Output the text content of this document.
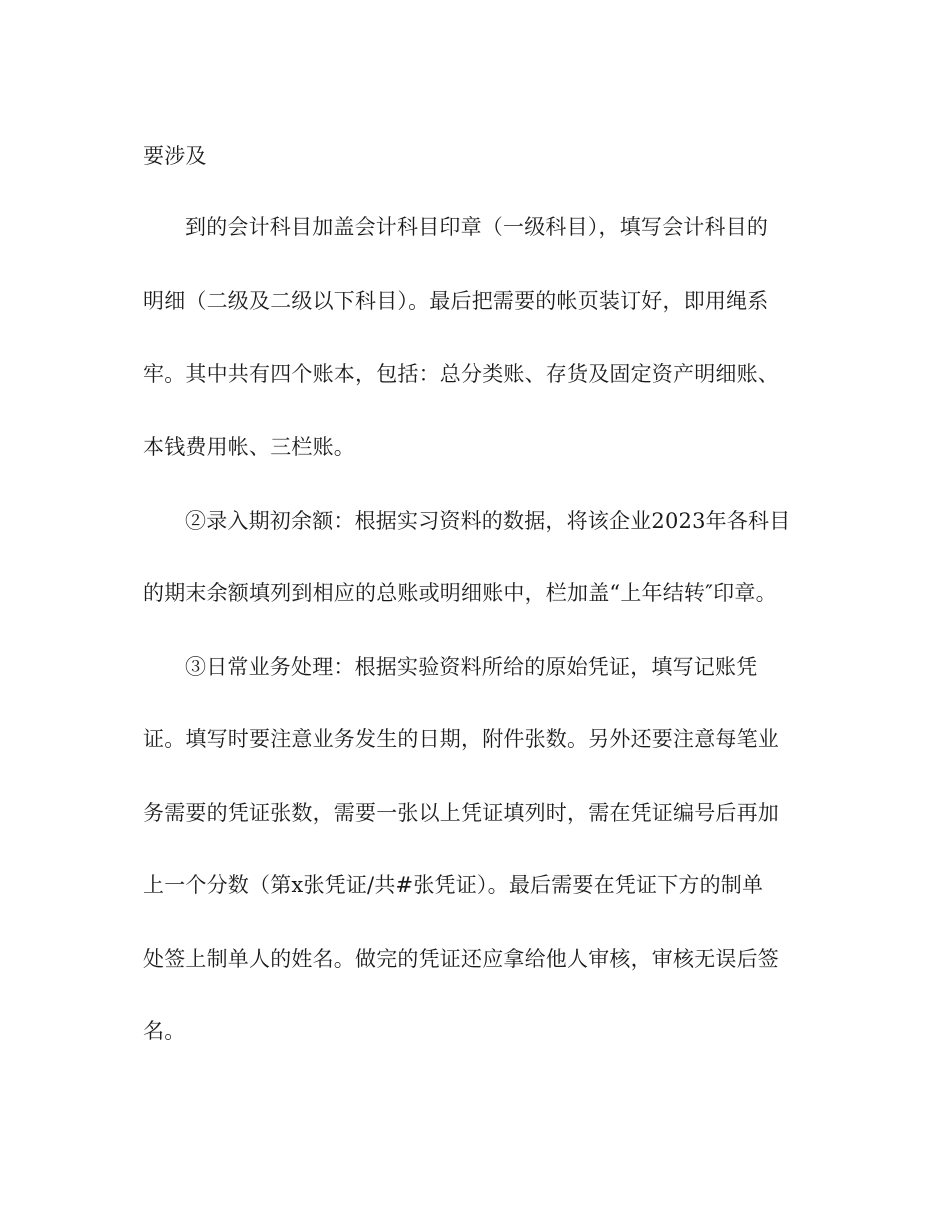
要涉及
到的会计科目加盖会计科目印章（一级科目），填写会计科目的
明细（二级及二级以下科目）。最后把需要的帐页装订好，即用绳系
牢。其中共有四个账本，包括：总分类账、存货及固定资产明细账、
本钱费用帐、三栏账。
②录入期初余额：根据实习资料的数据，将该企业2023年各科目
的期末余额填列到相应的总账或明细账中，栏加盖“上年结转″印章。
③日常业务处理：根据实验资料所给的原始凭证，填写记账凭
证。填写时要注意业务发生的日期，附件张数。另外还要注意每笔业
务需要的凭证张数，需要一张以上凭证填列时，需在凭证编号后再加
上一个分数（第x张凭证/共#张凭证）。最后需要在凭证下方的制单
处签上制单人的姓名。做完的凭证还应拿给他人审核，审核无误后签
名。
